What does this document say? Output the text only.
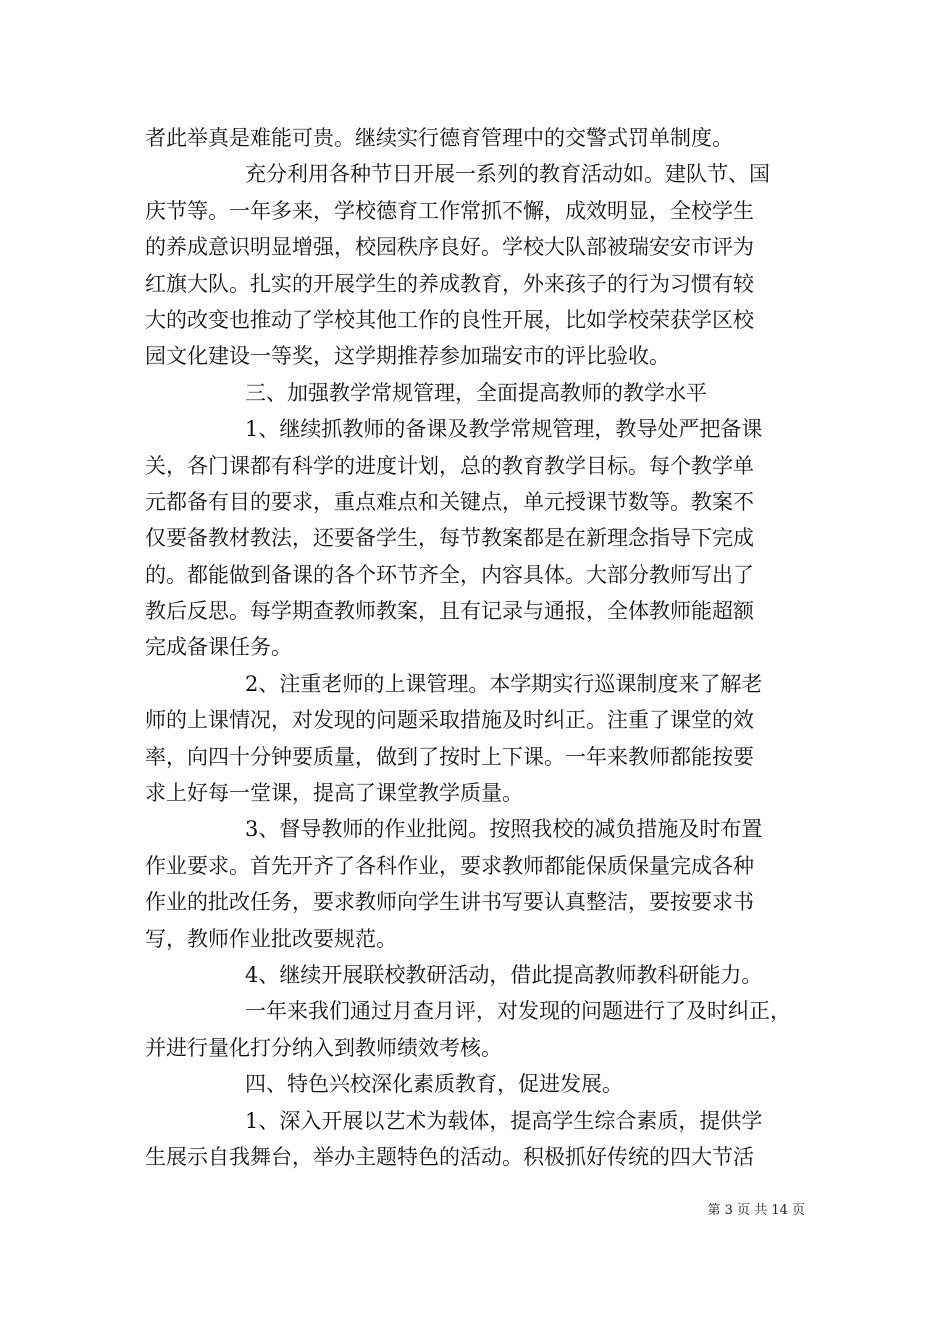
者此举真是难能可贵。继续实行德育管理中的交警式罚单制度。
充分利用各种节日开展一系列的教育活动如。建队节、国
庆节等。一年多来，学校德育工作常抓不懈，成效明显，全校学生
的养成意识明显增强，校园秩序良好。学校大队部被瑞安安市评为
红旗大队。扎实的开展学生的养成教育，外来孩子的行为习惯有较
大的改变也推动了学校其他工作的良性开展，比如学校荣获学区校
园文化建设一等奖，这学期推荐参加瑞安市的评比验收。
三、加强教学常规管理，全面提高教师的教学水平
1、继续抓教师的备课及教学常规管理，教导处严把备课
关，各门课都有科学的进度计划，总的教育教学目标。每个教学单
元都备有目的要求，重点难点和关键点，单元授课节数等。教案不
仅要备教材教法，还要备学生，每节教案都是在新理念指导下完成
的。都能做到备课的各个环节齐全，内容具体。大部分教师写出了
教后反思。每学期查教师教案，且有记录与通报，全体教师能超额
完成备课任务。
2、注重老师的上课管理。本学期实行巡课制度来了解老
师的上课情况，对发现的问题采取措施及时纠正。注重了课堂的效
率，向四十分钟要质量，做到了按时上下课。一年来教师都能按要
求上好每一堂课，提高了课堂教学质量。
3、督导教师的作业批阅。按照我校的减负措施及时布置
作业要求。首先开齐了各科作业，要求教师都能保质保量完成各种
作业的批改任务，要求教师向学生讲书写要认真整洁，要按要求书
写，教师作业批改要规范。
4、继续开展联校教研活动，借此提高教师教科研能力。
一年来我们通过月查月评，对发现的问题进行了及时纠正，
并进行量化打分纳入到教师绩效考核。
四、特色兴校深化素质教育，促进发展。
1、深入开展以艺术为载体，提高学生综合素质，提供学
生展示自我舞台，举办主题特色的活动。积极抓好传统的四大节活
第 3 页 共 14 页
